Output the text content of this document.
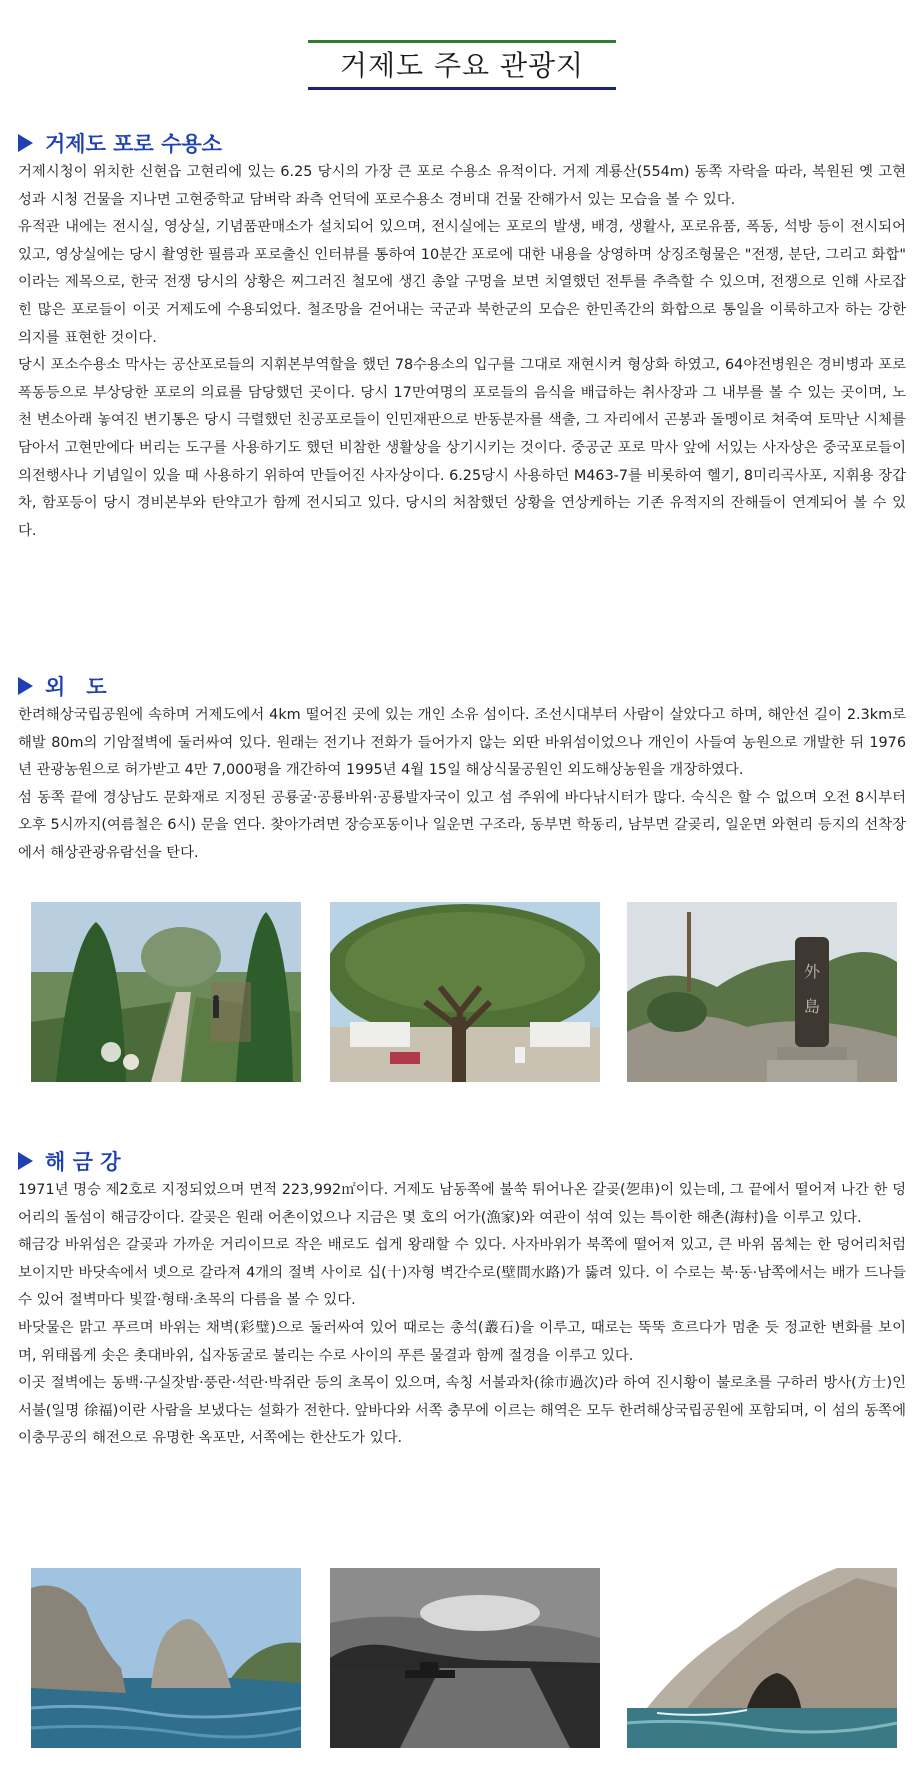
거제도 주요 관광지
거제도 포로 수용소

거제시청이 위치한 신현읍 고현리에 있는 6.25 당시의 가장 큰 포로 수용소 유적이다. 거제 계룡산(554m) 동쪽 자락을 따라, 복원된 옛 고현성과 시청 건물을 지나면 고현중학교 담벼락 좌측 언덕에 포로수용소 경비대 건물 잔해가서 있는 모습을 볼 수 있다.

유적관 내에는 전시실, 영상실, 기념품판매소가 설치되어 있으며, 전시실에는 포로의 발생, 배경, 생활사, 포로유품, 폭동, 석방 등이 전시되어 있고, 영상실에는 당시 촬영한 필름과 포로출신 인터뷰를 통하여 10분간 포로에 대한 내용을 상영하며 상징조형물은 "전쟁, 분단, 그리고 화합" 이라는 제목으로, 한국 전쟁 당시의 상황은 찌그러진 철모에 생긴 총알 구멍을 보면 치열했던 전투를 추측할 수 있으며, 전쟁으로 인해 사로잡힌 많은 포로들이 이곳 거제도에 수용되었다. 철조망을 걷어내는 국군과 북한군의 모습은 한민족간의 화합으로 통일을 이룩하고자 하는 강한 의지를 표현한 것이다.

당시 포소수용소 막사는 공산포로들의 지휘본부역할을 했던 78수용소의 입구를 그대로 재현시켜 형상화 하였고, 64야전병원은 경비병과 포로폭동등으로 부상당한 포로의 의료를 담당했던 곳이다. 당시 17만여명의 포로들의 음식을 배급하는 취사장과 그 내부를 볼 수 있는 곳이며, 노천 변소아래 놓여진 변기통은 당시 극렬했던 친공포로들이 인민재판으로 반동분자를 색출, 그 자리에서 곤봉과 돌멩이로 쳐죽여 토막난 시체를 담아서 고현만에다 버리는 도구를 사용하기도 했던 비참한 생활상을 상기시키는 것이다. 중공군 포로 막사 앞에 서있는 사자상은 중국포로들이 의전행사나 기념일이 있을 때 사용하기 위하여 만들어진 사자상이다. 6.25당시 사용하던 M463-7를 비롯하여 헬기, 8미리곡사포, 지휘용 장갑차, 함포등이 당시 경비본부와 탄약고가 함께 전시되고 있다. 당시의 처참했던 상황을 연상케하는 기존 유적지의 잔해들이 연계되어 볼 수 있다.

외　도

한려해상국립공원에 속하며 거제도에서 4km 떨어진 곳에 있는 개인 소유 섬이다. 조선시대부터 사람이 살았다고 하며, 해안선 길이 2.3km로 해발 80m의 기암절벽에 둘러싸여 있다. 원래는 전기나 전화가 들어가지 않는 외딴 바위섬이었으나 개인이 사들여 농원으로 개발한 뒤 1976년 관광농원으로 허가받고 4만 7,000평을 개간하여 1995년 4월 15일 해상식물공원인 외도해상농원을 개장하였다.

섬 동쪽 끝에 경상남도 문화재로 지정된 공룡굴·공룡바위·공룡발자국이 있고 섬 주위에 바다낚시터가 많다. 숙식은 할 수 없으며 오전 8시부터 오후 5시까지(여름철은 6시) 문을 연다. 찾아가려면 장승포동이나 일운면 구조라, 동부면 학동리, 남부면 갈곶리, 일운면 와현리 등지의 선착장에서 해상관광유람선을 탄다.

外
島
해 금 강

1971년 명승 제2호로 지정되었으며 면적 223,992㎡이다. 거제도 남동쪽에 불쑥 튀어나온 갈곶(乫串)이 있는데, 그 끝에서 떨어져 나간 한 덩어리의 돌섬이 해금강이다. 갈곶은 원래 어촌이었으나 지금은 몇 호의 어가(漁家)와 여관이 섞여 있는 특이한 해촌(海村)을 이루고 있다.

해금강 바위섬은 갈곶과 가까운 거리이므로 작은 배로도 쉽게 왕래할 수 있다. 사자바위가 북쪽에 떨어져 있고, 큰 바위 몸체는 한 덩어리처럼 보이지만 바닷속에서 넷으로 갈라져 4개의 절벽 사이로 십(十)자형 벽간수로(壁間水路)가 뚫려 있다. 이 수로는 북·동·남쪽에서는 배가 드나들 수 있어 절벽마다 빛깔·형태·초목의 다름을 볼 수 있다.

바닷물은 맑고 푸르며 바위는 채벽(彩璧)으로 둘러싸여 있어 때로는 총석(叢石)을 이루고, 때로는 뚝뚝 흐르다가 멈춘 듯 정교한 변화를 보이며, 위태롭게 솟은 촛대바위, 십자동굴로 불리는 수로 사이의 푸른 물결과 함께 절경을 이루고 있다.

이곳 절벽에는 동백·구실잣밤·풍란·석란·박쥐란 등의 초목이 있으며, 속칭 서불과차(徐市過次)라 하여 진시황이 불로초를 구하러 방사(方士)인 서불(일명 徐福)이란 사람을 보냈다는 설화가 전한다. 앞바다와 서쪽 충무에 이르는 해역은 모두 한려해상국립공원에 포함되며, 이 섬의 동쪽에 이충무공의 해전으로 유명한 옥포만, 서쪽에는 한산도가 있다.
